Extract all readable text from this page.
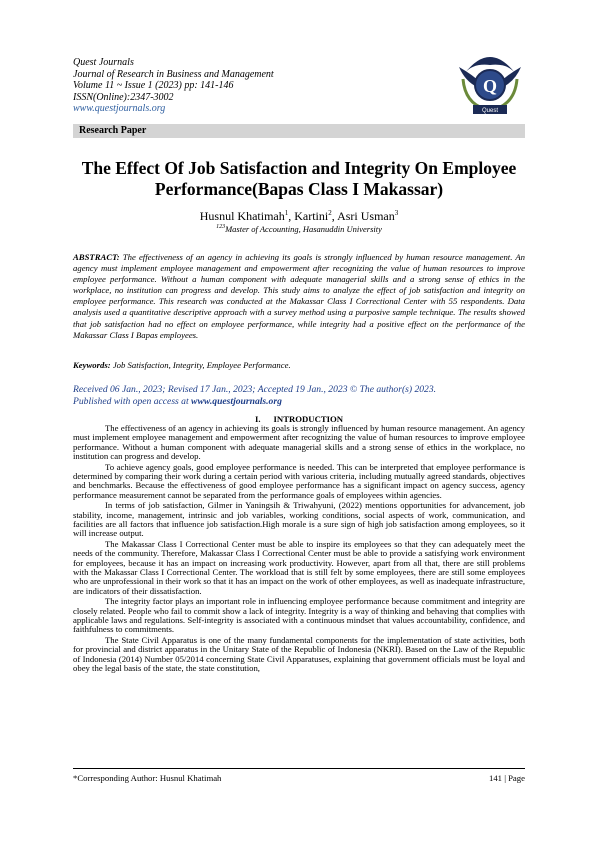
Quest Journals
Journal of Research in Business and Management
Volume 11 ~ Issue 1 (2023) pp: 141-146
ISSN(Online):2347-3002
www.questjournals.org
Q
Quest
Research Paper
The Effect Of Job Satisfaction and Integrity On Employee Performance(Bapas Class I Makassar)
Husnul Khatimah$^1$, Kartini$^2$, Asri Usman$^3$
$^{123}$Master of Accounting, Hasanuddin University
ABSTRACT: The effectiveness of an agency in achieving its goals is strongly influenced by human resource management. An agency must implement employee management and empowerment after recognizing the value of human resources to improve employee performance. Without a human component with adequate managerial skills and a strong sense of ethics in the workplace, no institution can progress and develop. This study aims to analyze the effect of job satisfaction and integrity on employee performance. This research was conducted at the Makassar Class I Correctional Center with 55 respondents. Data analysis used a quantitative descriptive approach with a survey method using a purposive sample technique. The results showed that job satisfaction had no effect on employee performance, while integrity had a positive effect on the performance of the Makassar Class I Bapas employees.
Keywords: Job Satisfaction, Integrity, Employee Performance.
Received 06 Jan., 2023; Revised 17 Jan., 2023; Accepted 19 Jan., 2023 © The author(s) 2023.
Published with open access at www.questjournals.org
I.      INTRODUCTION

The effectiveness of an agency in achieving its goals is strongly influenced by human resource management. An agency must implement employee management and empowerment after recognizing the value of human resources to improve employee performance. Without a human component with adequate managerial skills and a strong sense of ethics in the workplace, no institution can progress and develop.

To achieve agency goals, good employee performance is needed. This can be interpreted that employee performance is determined by comparing their work during a certain period with various criteria, including mutually agreed standards, objectives and benchmarks. Because the effectiveness of good employee performance has a significant impact on agency success, agency performance measurement cannot be separated from the performance goals of employees within agencies.

In terms of job satisfaction, Gilmer in Yaningsih & Triwahyuni, (2022) mentions opportunities for advancement, job stability, income, management, intrinsic and job variables, working conditions, social aspects of work, communication, and facilities are all factors that influence job satisfaction.High morale is a sure sign of high job satisfaction among employees, so it will increase output.

The Makassar Class I Correctional Center must be able to inspire its employees so that they can adequately meet the needs of the community. Therefore, Makassar Class I Correctional Center must be able to provide a satisfying work environment for employees, because it has an impact on increasing work productivity. However, apart from all that, there are still problems with the Makassar Class I Correctional Center. The workload that is still felt by some employees, there are still some employees who are unprofessional in their work so that it has an impact on the work of other employees, as well as inadequate infrastructure, are indicators of their dissatisfaction.

The integrity factor plays an important role in influencing employee performance because commitment and integrity are closely related. People who fail to commit show a lack of integrity. Integrity is a way of thinking and behaving that complies with applicable laws and regulations. Self-integrity is associated with a continuous mindset that values accountability, confidence, and faithfulness to commitments.

The State Civil Apparatus is one of the many fundamental components for the implementation of state activities, both for provincial and district apparatus in the Unitary State of the Republic of Indonesia (NKRI). Based on the Law of the Republic of Indonesia (2014) Number 05/2014 concerning State Civil Apparatuses, explaining that government officials must be loyal and obey the legal basis of the state, the state constitution,

*Corresponding Author: Husnul Khatimah	141 | Page
